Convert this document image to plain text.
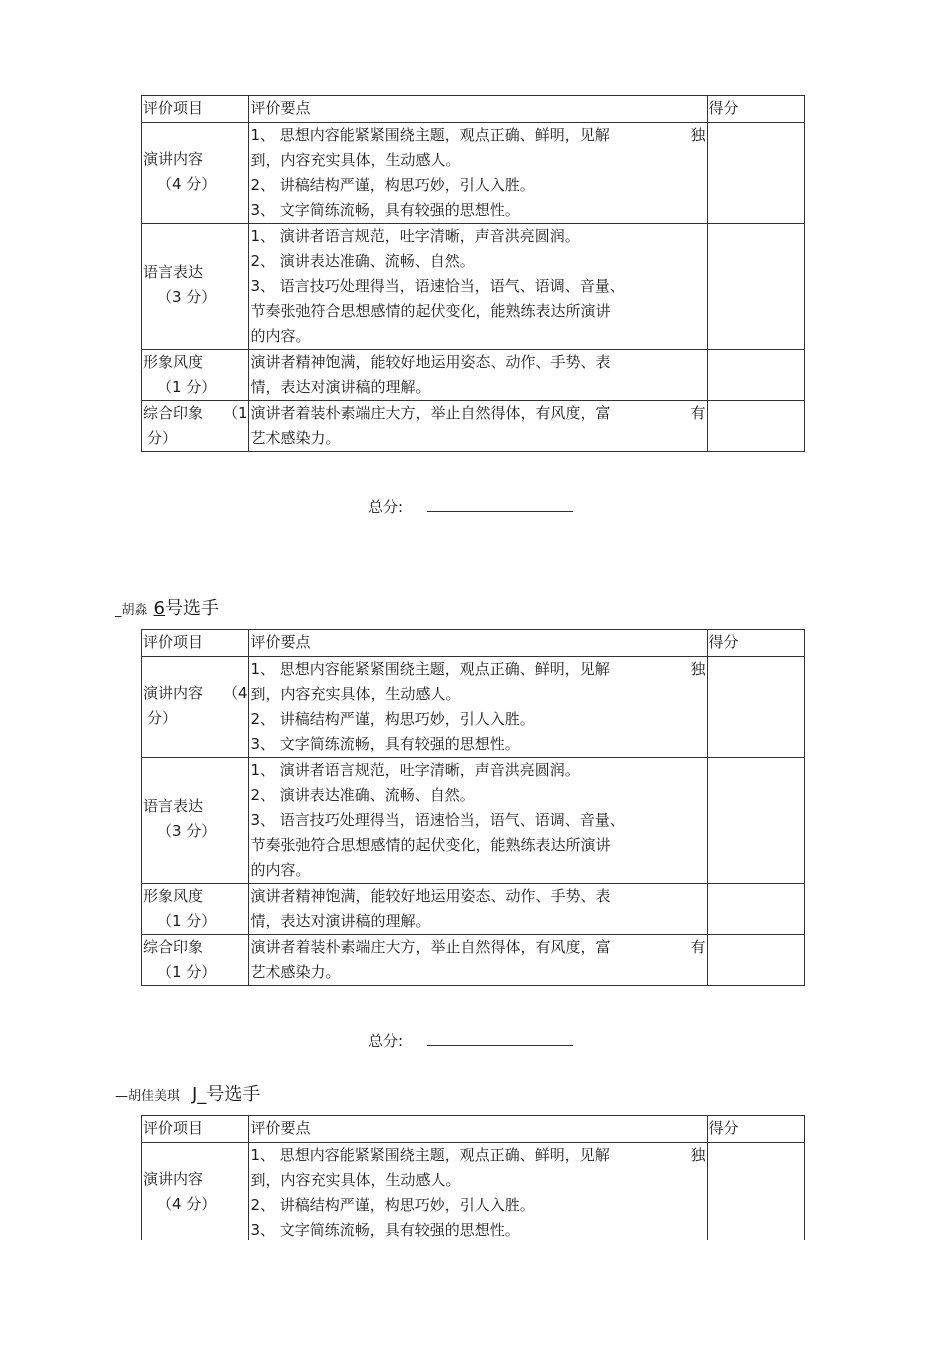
评价项目	评价要点	得分

演讲内容
（4 分）	1、 思想内容能紧紧围绕主题，观点正确、鲜明，见解 独
到，内容充实具体，生动感人。
2、 讲稿结构严谨，构思巧妙，引人入胜。
3、 文字简练流畅，具有较强的思想性。	

语言表达
（3 分）	1、 演讲者语言规范，吐字清晰，声音洪亮圆润。
2、 演讲表达准确、流畅、自然。
3、 语言技巧处理得当，语速恰当，语气、语调、音量、
节奏张弛符合思想感情的起伏变化，能熟练表达所演讲
的内容。	

形象风度
（1 分）	演讲者精神饱满，能较好地运用姿态、动作、手势、表
情，表达对演讲稿的理解。	

综合印象 （1
分）	演讲者着装朴素端庄大方，举止自然得体，有风度，富 有
艺术感染力。	

总分:
_胡淼 6号选手
评价项目	评价要点	得分

演讲内容 （4
分）	1、 思想内容能紧紧围绕主题，观点正确、鲜明，见解 独
到，内容充实具体，生动感人。
2、 讲稿结构严谨，构思巧妙，引人入胜。
3、 文字简练流畅，具有较强的思想性。	

语言表达
（3 分）	1、 演讲者语言规范，吐字清晰，声音洪亮圆润。
2、 演讲表达准确、流畅、自然。
3、 语言技巧处理得当，语速恰当，语气、语调、音量、
节奏张弛符合思想感情的起伏变化，能熟练表达所演讲
的内容。	

形象风度
（1 分）	演讲者精神饱满，能较好地运用姿态、动作、手势、表
情，表达对演讲稿的理解。	

综合印象
（1 分）	演讲者着装朴素端庄大方，举止自然得体，有风度，富 有
艺术感染力。	

总分:
—胡佳美琪 J_号选手
评价项目	评价要点	得分

演讲内容
（4 分）	1、 思想内容能紧紧围绕主题，观点正确、鲜明，见解 独
到，内容充实具体，生动感人。
2、 讲稿结构严谨，构思巧妙，引人入胜。
3、 文字简练流畅，具有较强的思想性。	
